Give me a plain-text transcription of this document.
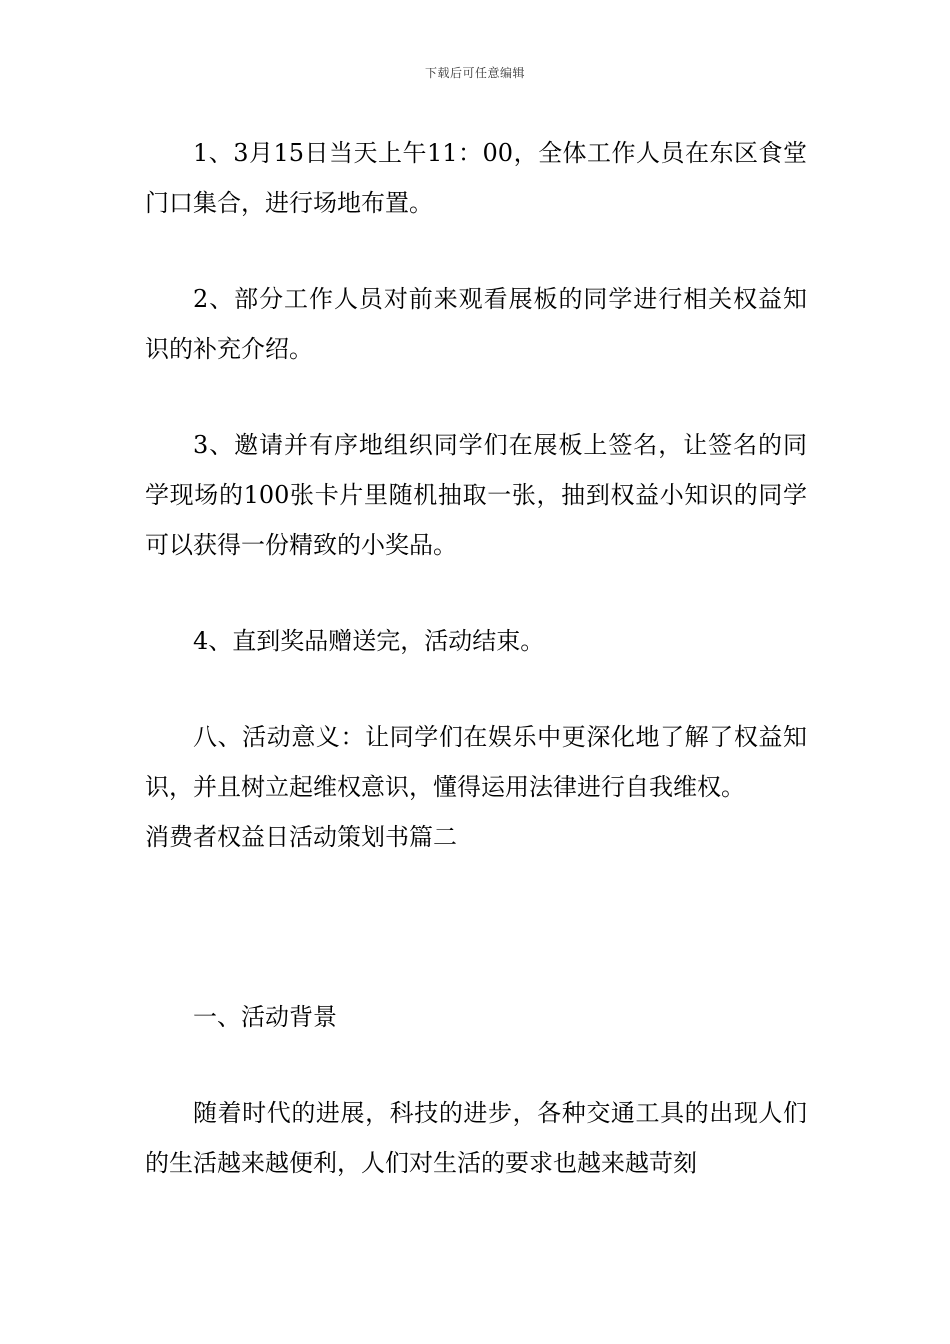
下载后可任意编辑

1、3月15日当天上午11：00，全体工作人员在东区食堂门口集合，进行场地布置。

2、部分工作人员对前来观看展板的同学进行相关权益知识的补充介绍。

3、邀请并有序地组织同学们在展板上签名，让签名的同学现场的100张卡片里随机抽取一张，抽到权益小知识的同学可以获得一份精致的小奖品。

4、直到奖品赠送完，活动结束。

八、活动意义：让同学们在娱乐中更深化地了解了权益知识，并且树立起维权意识，懂得运用法律进行自我维权。

消费者权益日活动策划书篇二

一、活动背景

随着时代的进展，科技的进步，各种交通工具的出现人们的生活越来越便利，人们对生活的要求也越来越苛刻
